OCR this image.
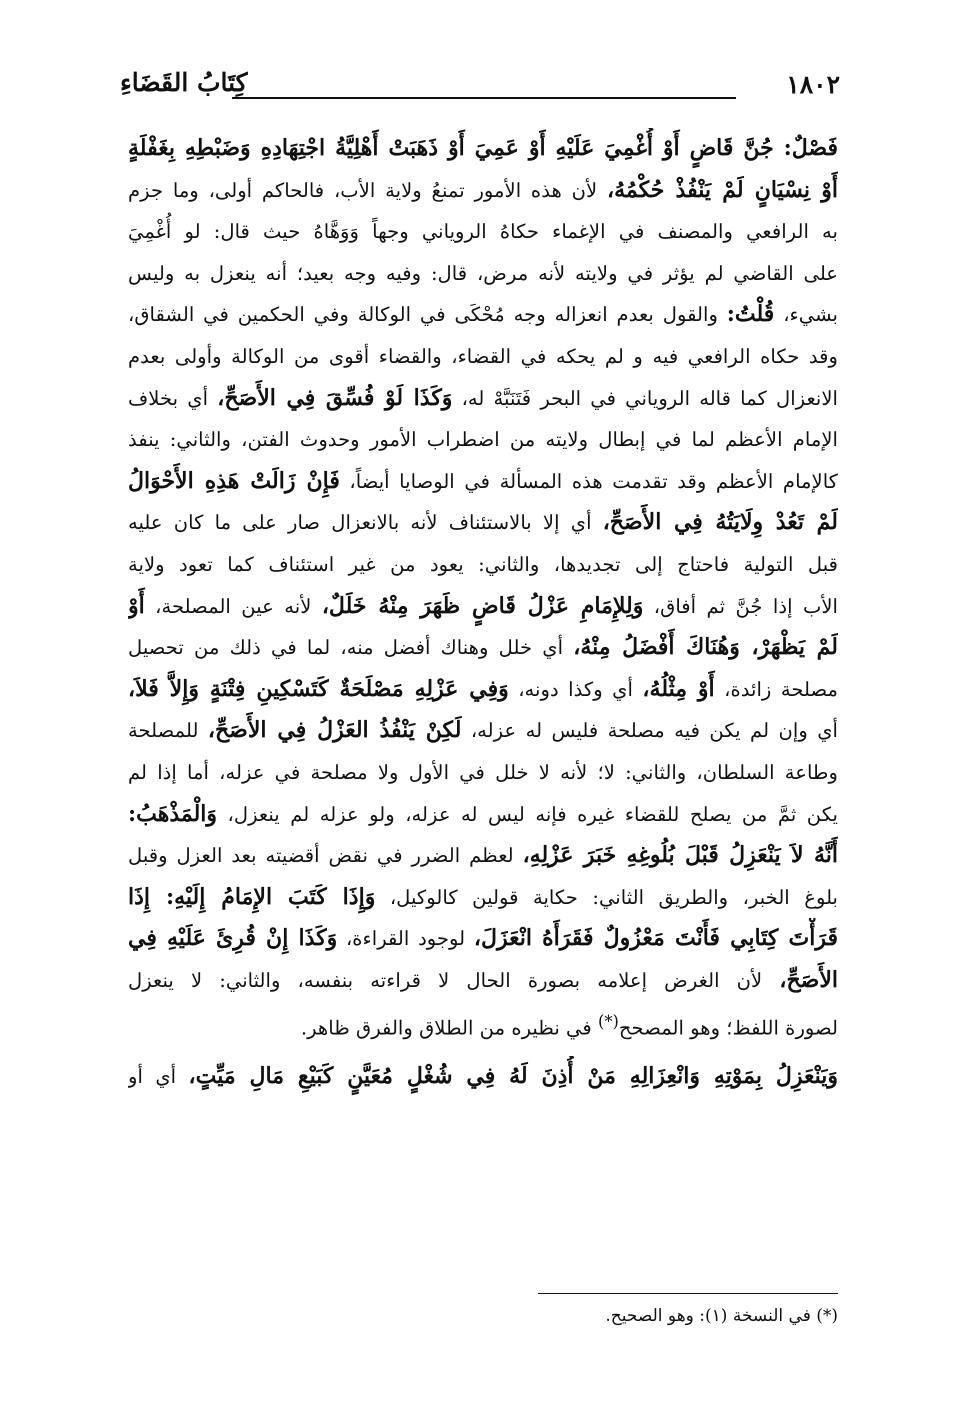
كِتَابُ القَضَاءِ	١٨٠٢
فَصْلٌ: جُنَّ قَاضٍ أَوْ أُغْمِيَ عَلَيْهِ أَوْ عَمِيَ أَوْ ذَهَبَتْ أَهْلِيَّةُ اجْتِهَادِهِ وَضَبْطِهِ بِغَفْلَةٍ
أَوْ نِسْيَانٍ لَمْ يَنْفُذْ حُكْمُهُ، لأن هذه الأمور تمنعُ ولاية الأب، فالحاكم أولى، وما جزم
به الرافعي والمصنف في الإغماء حكاهُ الروياني وجهاً وَوَهَّاهُ حيث قال: لو أُغْمِيَ
على القاضي لم يؤثر في ولايته لأنه مرض، قال: وفيه وجه بعيد؛ أنه ينعزل به وليس
بشيء، قُلْتُ: والقول بعدم انعزاله وجه مُحْكَى في الوكالة وفي الحكمين في الشقاق،
وقد حكاه الرافعي فيه و لم يحكه في القضاء، والقضاء أقوى من الوكالة وأولى بعدم
الانعزال كما قاله الروياني في البحر فَتَنَبَّهْ له، وَكَذَا لَوْ فُسِّقَ فِي الأَصَحِّ، أي بخلاف
الإمام الأعظم لما في إبطال ولايته من اضطراب الأمور وحدوث الفتن، والثاني: ينفذ
كالإمام الأعظم وقد تقدمت هذه المسألة في الوصايا أيضاً، فَإِنْ زَالَتْ هَذِهِ الأَحْوَالُ
لَمْ تَعُدْ وِلَايَتُهُ فِي الأَصَحِّ، أي إلا بالاستئناف لأنه بالانعزال صار على ما كان عليه
قبل التولية فاحتاج إلى تجديدها، والثاني: يعود من غير استئناف كما تعود ولاية
الأب إذا جُنَّ ثم أفاق، وَلِلإِمَامِ عَزْلُ قَاضٍ ظَهَرَ مِنْهُ خَلَلٌ، لأنه عين المصلحة، أَوْ
لَمْ يَظْهَرْ، وَهُنَاكَ أَفْضَلُ مِنْهُ، أي خلل وهناك أفضل منه، لما في ذلك من تحصيل
مصلحة زائدة، أَوْ مِثْلُهُ، أي وكذا دونه، وَفِي عَزْلِهِ مَصْلَحَةٌ كَتَسْكِينِ فِتْنَةٍ وَإِلاَّ فَلاَ،
أي وإن لم يكن فيه مصلحة فليس له عزله، لَكِنْ يَنْفُذُ العَزْلُ فِي الأَصَحِّ، للمصلحة
وطاعة السلطان، والثاني: لا؛ لأنه لا خلل في الأول ولا مصلحة في عزله، أما إذا لم
يكن ثمَّ من يصلح للقضاء غيره فإنه ليس له عزله، ولو عزله لم ينعزل، وَالْمَذْهَبُ:
أَنَّهُ لاَ يَنْعَزِلُ قَبْلَ بُلُوغِهِ خَبَرَ عَزْلِهِ، لعظم الضرر في نقض أقضيته بعد العزل وقبل
بلوغ الخبر، والطريق الثاني: حكاية قولين كالوكيل، وَإِذَا كَتَبَ الإِمَامُ إِلَيْهِ: إِذَا
قَرَأْتَ كِتَابِي فَأَنْتَ مَعْزُولٌ فَقَرَأَهُ انْعَزَلَ، لوجود القراءة، وَكَذَا إِنْ قُرِئَ عَلَيْهِ فِي
الأَصَحِّ، لأن الغرض إعلامه بصورة الحال لا قراءته بنفسه، والثاني: لا ينعزل
لصورة اللفظ؛ وهو المصحح(*) في نظيره من الطلاق والفرق ظاهر.
وَيَنْعَزِلُ بِمَوْتِهِ وَانْعِزَالِهِ مَنْ أُذِنَ لَهُ فِي شُغْلٍ مُعَيَّنٍ كَبَيْعِ مَالِ مَيِّتٍ، أي أو
(*) في النسخة (١): وهو الصحيح.
